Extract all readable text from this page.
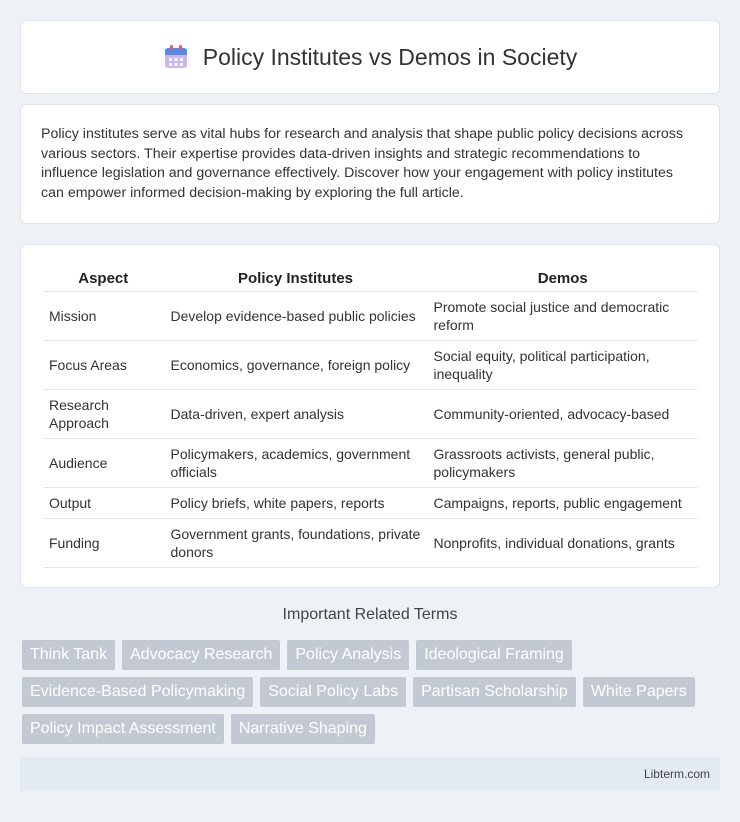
Policy Institutes vs Demos in Society

Policy institutes serve as vital hubs for research and analysis that shape public policy decisions across various sectors. Their expertise provides data-driven insights and strategic recommendations to influence legislation and governance effectively. Discover how your engagement with policy institutes can empower informed decision-making by exploring the full article.

Aspect	Policy Institutes	Demos
Mission	Develop evidence-based public policies	Promote social justice and democratic reform
Focus Areas	Economics, governance, foreign policy	Social equity, political participation, inequality
Research Approach	Data-driven, expert analysis	Community-oriented, advocacy-based
Audience	Policymakers, academics, government officials	Grassroots activists, general public, policymakers
Output	Policy briefs, white papers, reports	Campaigns, reports, public engagement
Funding	Government grants, foundations, private donors	Nonprofits, individual donations, grants
Important Related Terms
Think Tank	Advocacy Research	Policy Analysis	Ideological Framing
Evidence-Based Policymaking	Social Policy Labs	Partisan Scholarship	White Papers
Policy Impact Assessment	Narrative Shaping
Libterm.com
